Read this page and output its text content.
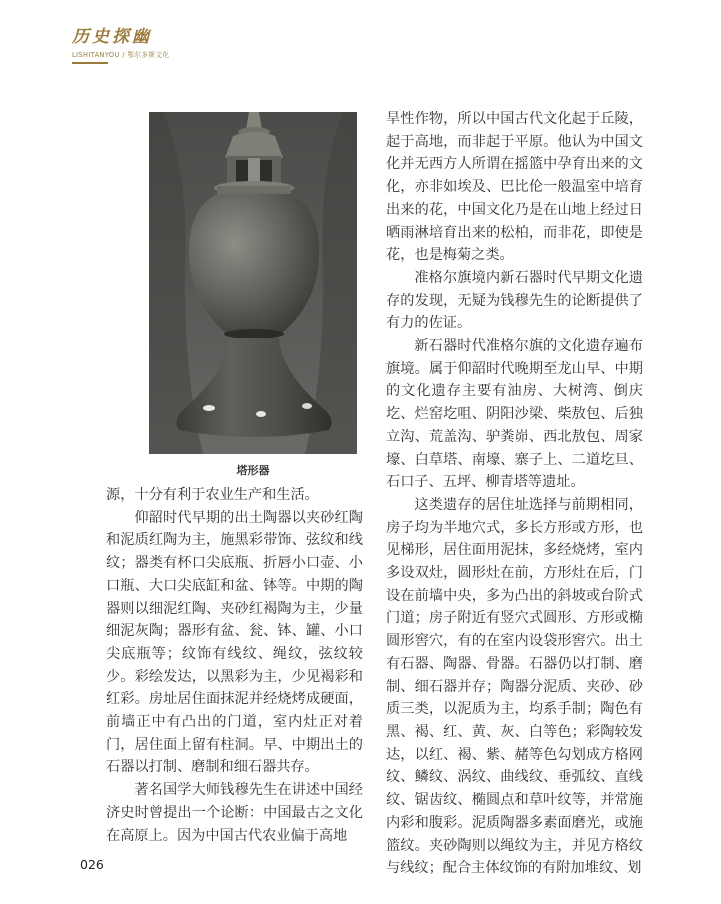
历史探幽
LISHITANYOU / 鄂尔多斯文化
塔形器

源，十分有利于农业生产和生活。

仰韶时代早期的出土陶器以夹砂红陶和泥质红陶为主，施黑彩带饰、弦纹和线纹；器类有杯口尖底瓶、折唇小口壶、小口瓶、大口尖底缸和盆、钵等。中期的陶器则以细泥红陶、夹砂红褐陶为主，少量细泥灰陶；器形有盆、瓮、钵、罐、小口尖底瓶等；纹饰有线纹、绳纹，弦纹较少。彩绘发达，以黑彩为主，少见褐彩和红彩。房址居住面抹泥并经烧烤成硬面，前墙正中有凸出的门道，室内灶正对着门，居住面上留有柱洞。早、中期出土的石器以打制、磨制和细石器共存。

著名国学大师钱穆先生在讲述中国经济史时曾提出一个论断：中国最古之文化在高原上。因为中国古代农业偏于高地

旱性作物，所以中国古代文化起于丘陵，起于高地，而非起于平原。他认为中国文化并无西方人所谓在摇篮中孕育出来的文化，亦非如埃及、巴比伦一般温室中培育出来的花，中国文化乃是在山地上经过日晒雨淋培育出来的松柏，而非花，即使是花，也是梅菊之类。

准格尔旗境内新石器时代早期文化遗存的发现，无疑为钱穆先生的论断提供了有力的佐证。

新石器时代准格尔旗的文化遗存遍布旗境。属于仰韶时代晚期至龙山早、中期的文化遗存主要有油房、大树湾、倒庆圪、烂窑圪咀、阴阳沙梁、柴敖包、后独立沟、荒盖沟、驴粪峁、西北敖包、周家壕、白草塔、南壕、寨子上、二道圪旦、石口子、五坪、柳青塔等遗址。

这类遗存的居住址选择与前期相同，房子均为半地穴式，多长方形或方形，也见梯形，居住面用泥抹，多经烧烤，室内多设双灶，圆形灶在前，方形灶在后，门设在前墙中央，多为凸出的斜坡或台阶式门道；房子附近有竖穴式圆形、方形或椭圆形窖穴，有的在室内设袋形窖穴。出土有石器、陶器、骨器。石器仍以打制、磨制、细石器并存；陶器分泥质、夹砂、砂质三类，以泥质为主，均系手制；陶色有黑、褐、红、黄、灰、白等色；彩陶较发达，以红、褐、紫、赭等色勾划成方格网纹、鳞纹、涡纹、曲线纹、垂弧纹、直线纹、锯齿纹、椭圆点和草叶纹等，并常施内彩和腹彩。泥质陶器多素面磨光，或施篮纹。夹砂陶则以绳纹为主，并见方格纹与线纹；配合主体纹饰的有附加堆纹、划

026
